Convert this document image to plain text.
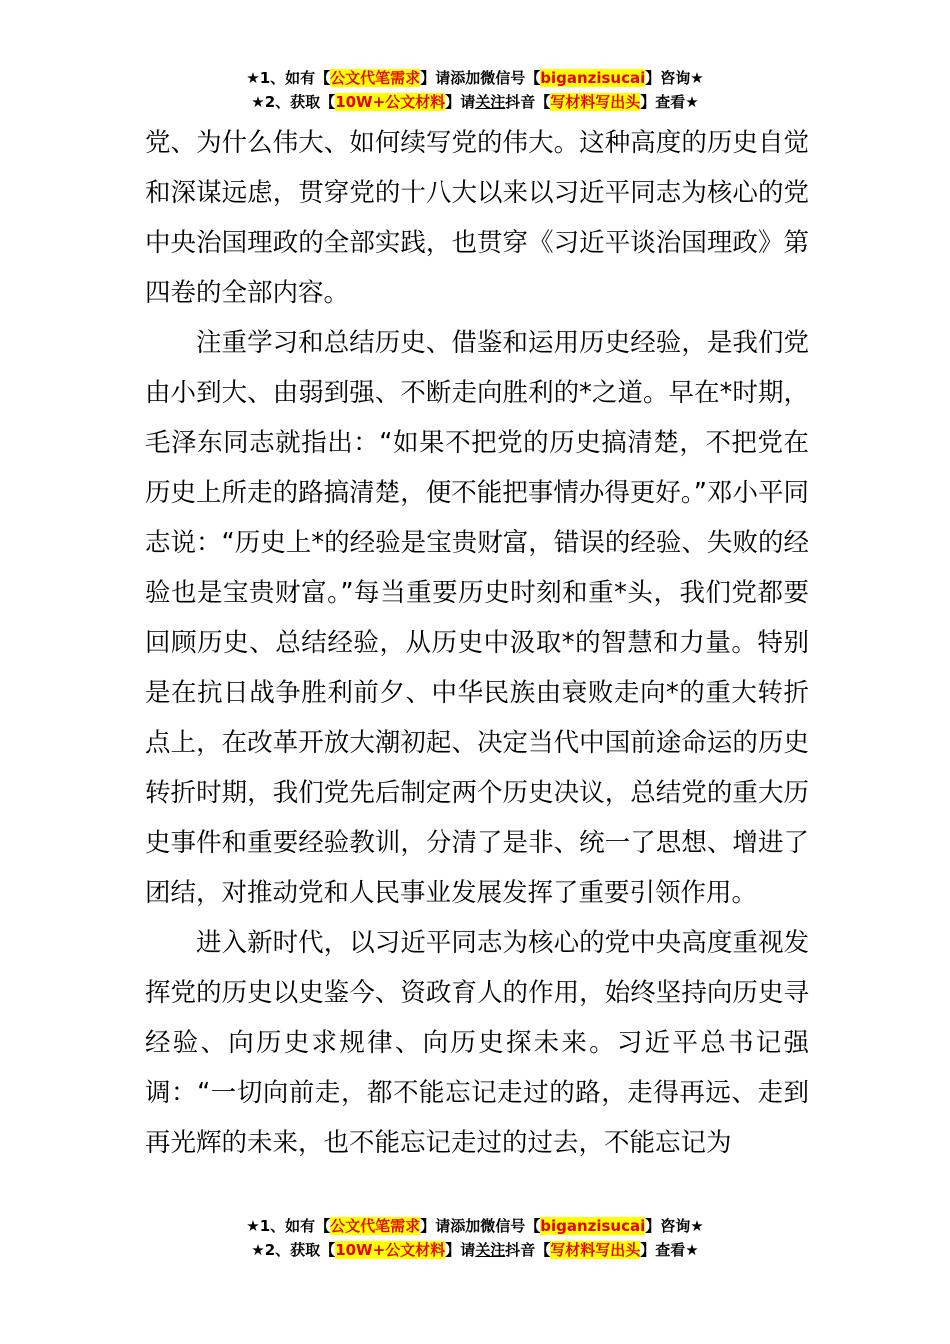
★1、如有【公文代笔需求】请添加微信号【biganzisucai】咨询★
★2、获取【10W+公文材料】请关注抖音【写材料写出头】查看★

党、为什么伟大、如何续写党的伟大。这种高度的历史自觉和深谋远虑，贯穿党的十八大以来以习近平同志为核心的党中央治国理政的全部实践，也贯穿《习近平谈治国理政》第四卷的全部内容。

注重学习和总结历史、借鉴和运用历史经验，是我们党由小到大、由弱到强、不断走向胜利的*之道。早在*时期，毛泽东同志就指出：“如果不把党的历史搞清楚，不把党在历史上所走的路搞清楚，便不能把事情办得更好。”邓小平同志说：“历史上*的经验是宝贵财富，错误的经验、失败的经验也是宝贵财富。”每当重要历史时刻和重*头，我们党都要回顾历史、总结经验，从历史中汲取*的智慧和力量。特别是在抗日战争胜利前夕、中华民族由衰败走向*的重大转折点上，在改革开放大潮初起、决定当代中国前途命运的历史转折时期，我们党先后制定两个历史决议，总结党的重大历史事件和重要经验教训，分清了是非、统一了思想、增进了团结，对推动党和人民事业发展发挥了重要引领作用。

进入新时代，以习近平同志为核心的党中央高度重视发挥党的历史以史鉴今、资政育人的作用，始终坚持向历史寻经验、向历史求规律、向历史探未来。习近平总书记强调：“一切向前走，都不能忘记走过的路，走得再远、走到再光辉的未来，也不能忘记走过的过去，不能忘记为

★1、如有【公文代笔需求】请添加微信号【biganzisucai】咨询★
★2、获取【10W+公文材料】请关注抖音【写材料写出头】查看★
